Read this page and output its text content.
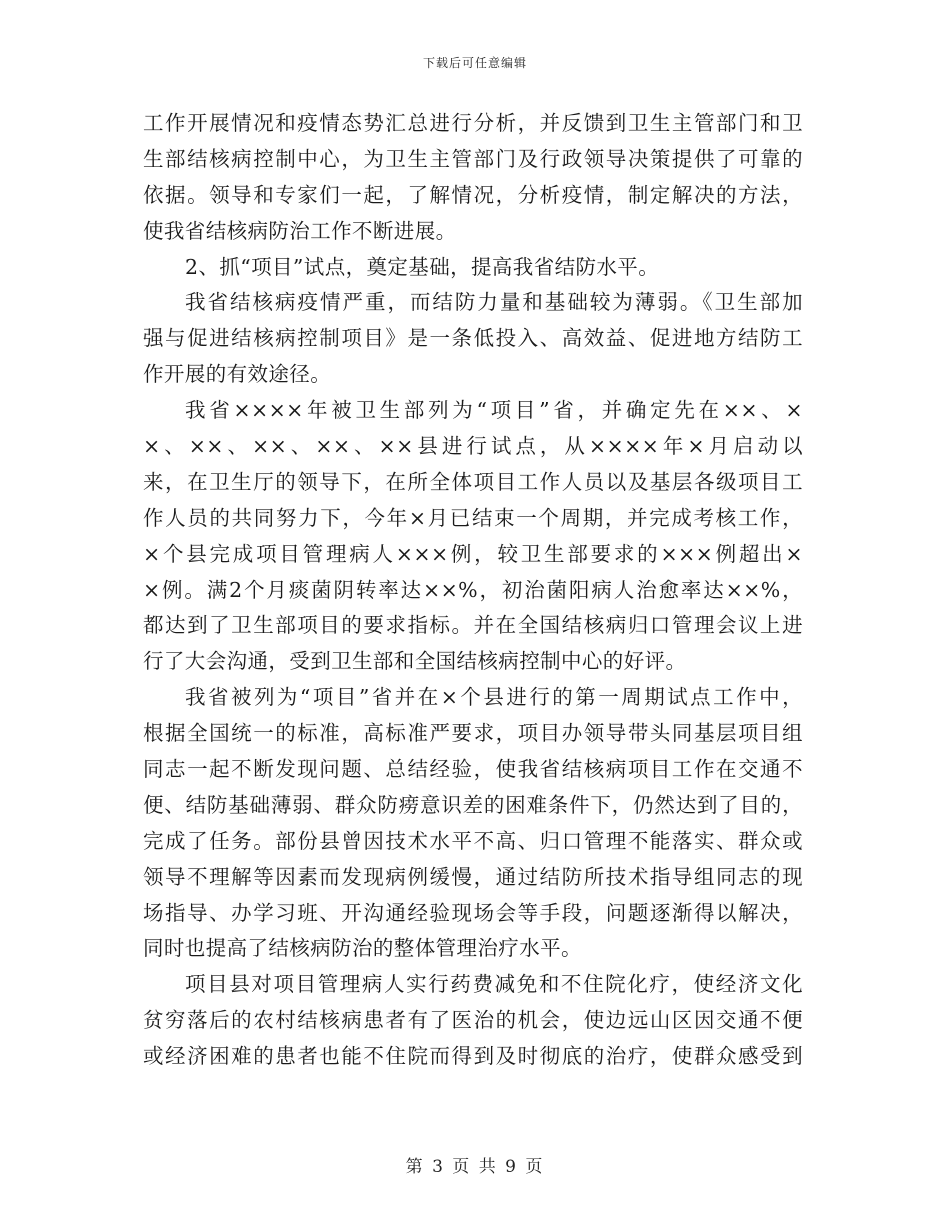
下载后可任意编辑
工作开展情况和疫情态势汇总进行分析，并反馈到卫生主管部门和卫
生部结核病控制中心，为卫生主管部门及行政领导决策提供了可靠的
依据。领导和专家们一起，了解情况，分析疫情，制定解决的方法，
使我省结核病防治工作不断进展。
2、抓“项目”试点，奠定基础，提高我省结防水平。
我省结核病疫情严重，而结防力量和基础较为薄弱。《卫生部加
强与促进结核病控制项目》是一条低投入、高效益、促进地方结防工
作开展的有效途径。
我省××××年被卫生部列为“项目”省，并确定先在××、×
×、××、××、××、××县进行试点，从××××年×月启动以
来，在卫生厅的领导下，在所全体项目工作人员以及基层各级项目工
作人员的共同努力下，今年×月已结束一个周期，并完成考核工作，
×个县完成项目管理病人×××例，较卫生部要求的×××例超出×
×例。满2个月痰菌阴转率达××%，初治菌阳病人治愈率达××%，
都达到了卫生部项目的要求指标。并在全国结核病归口管理会议上进
行了大会沟通，受到卫生部和全国结核病控制中心的好评。
我省被列为“项目”省并在×个县进行的第一周期试点工作中，
根据全国统一的标准，高标准严要求，项目办领导带头同基层项目组
同志一起不断发现问题、总结经验，使我省结核病项目工作在交通不
便、结防基础薄弱、群众防痨意识差的困难条件下，仍然达到了目的，
完成了任务。部份县曾因技术水平不高、归口管理不能落实、群众或
领导不理解等因素而发现病例缓慢，通过结防所技术指导组同志的现
场指导、办学习班、开沟通经验现场会等手段，问题逐渐得以解决，
同时也提高了结核病防治的整体管理治疗水平。
项目县对项目管理病人实行药费减免和不住院化疗，使经济文化
贫穷落后的农村结核病患者有了医治的机会，使边远山区因交通不便
或经济困难的患者也能不住院而得到及时彻底的治疗，使群众感受到
第 3 页 共 9 页
